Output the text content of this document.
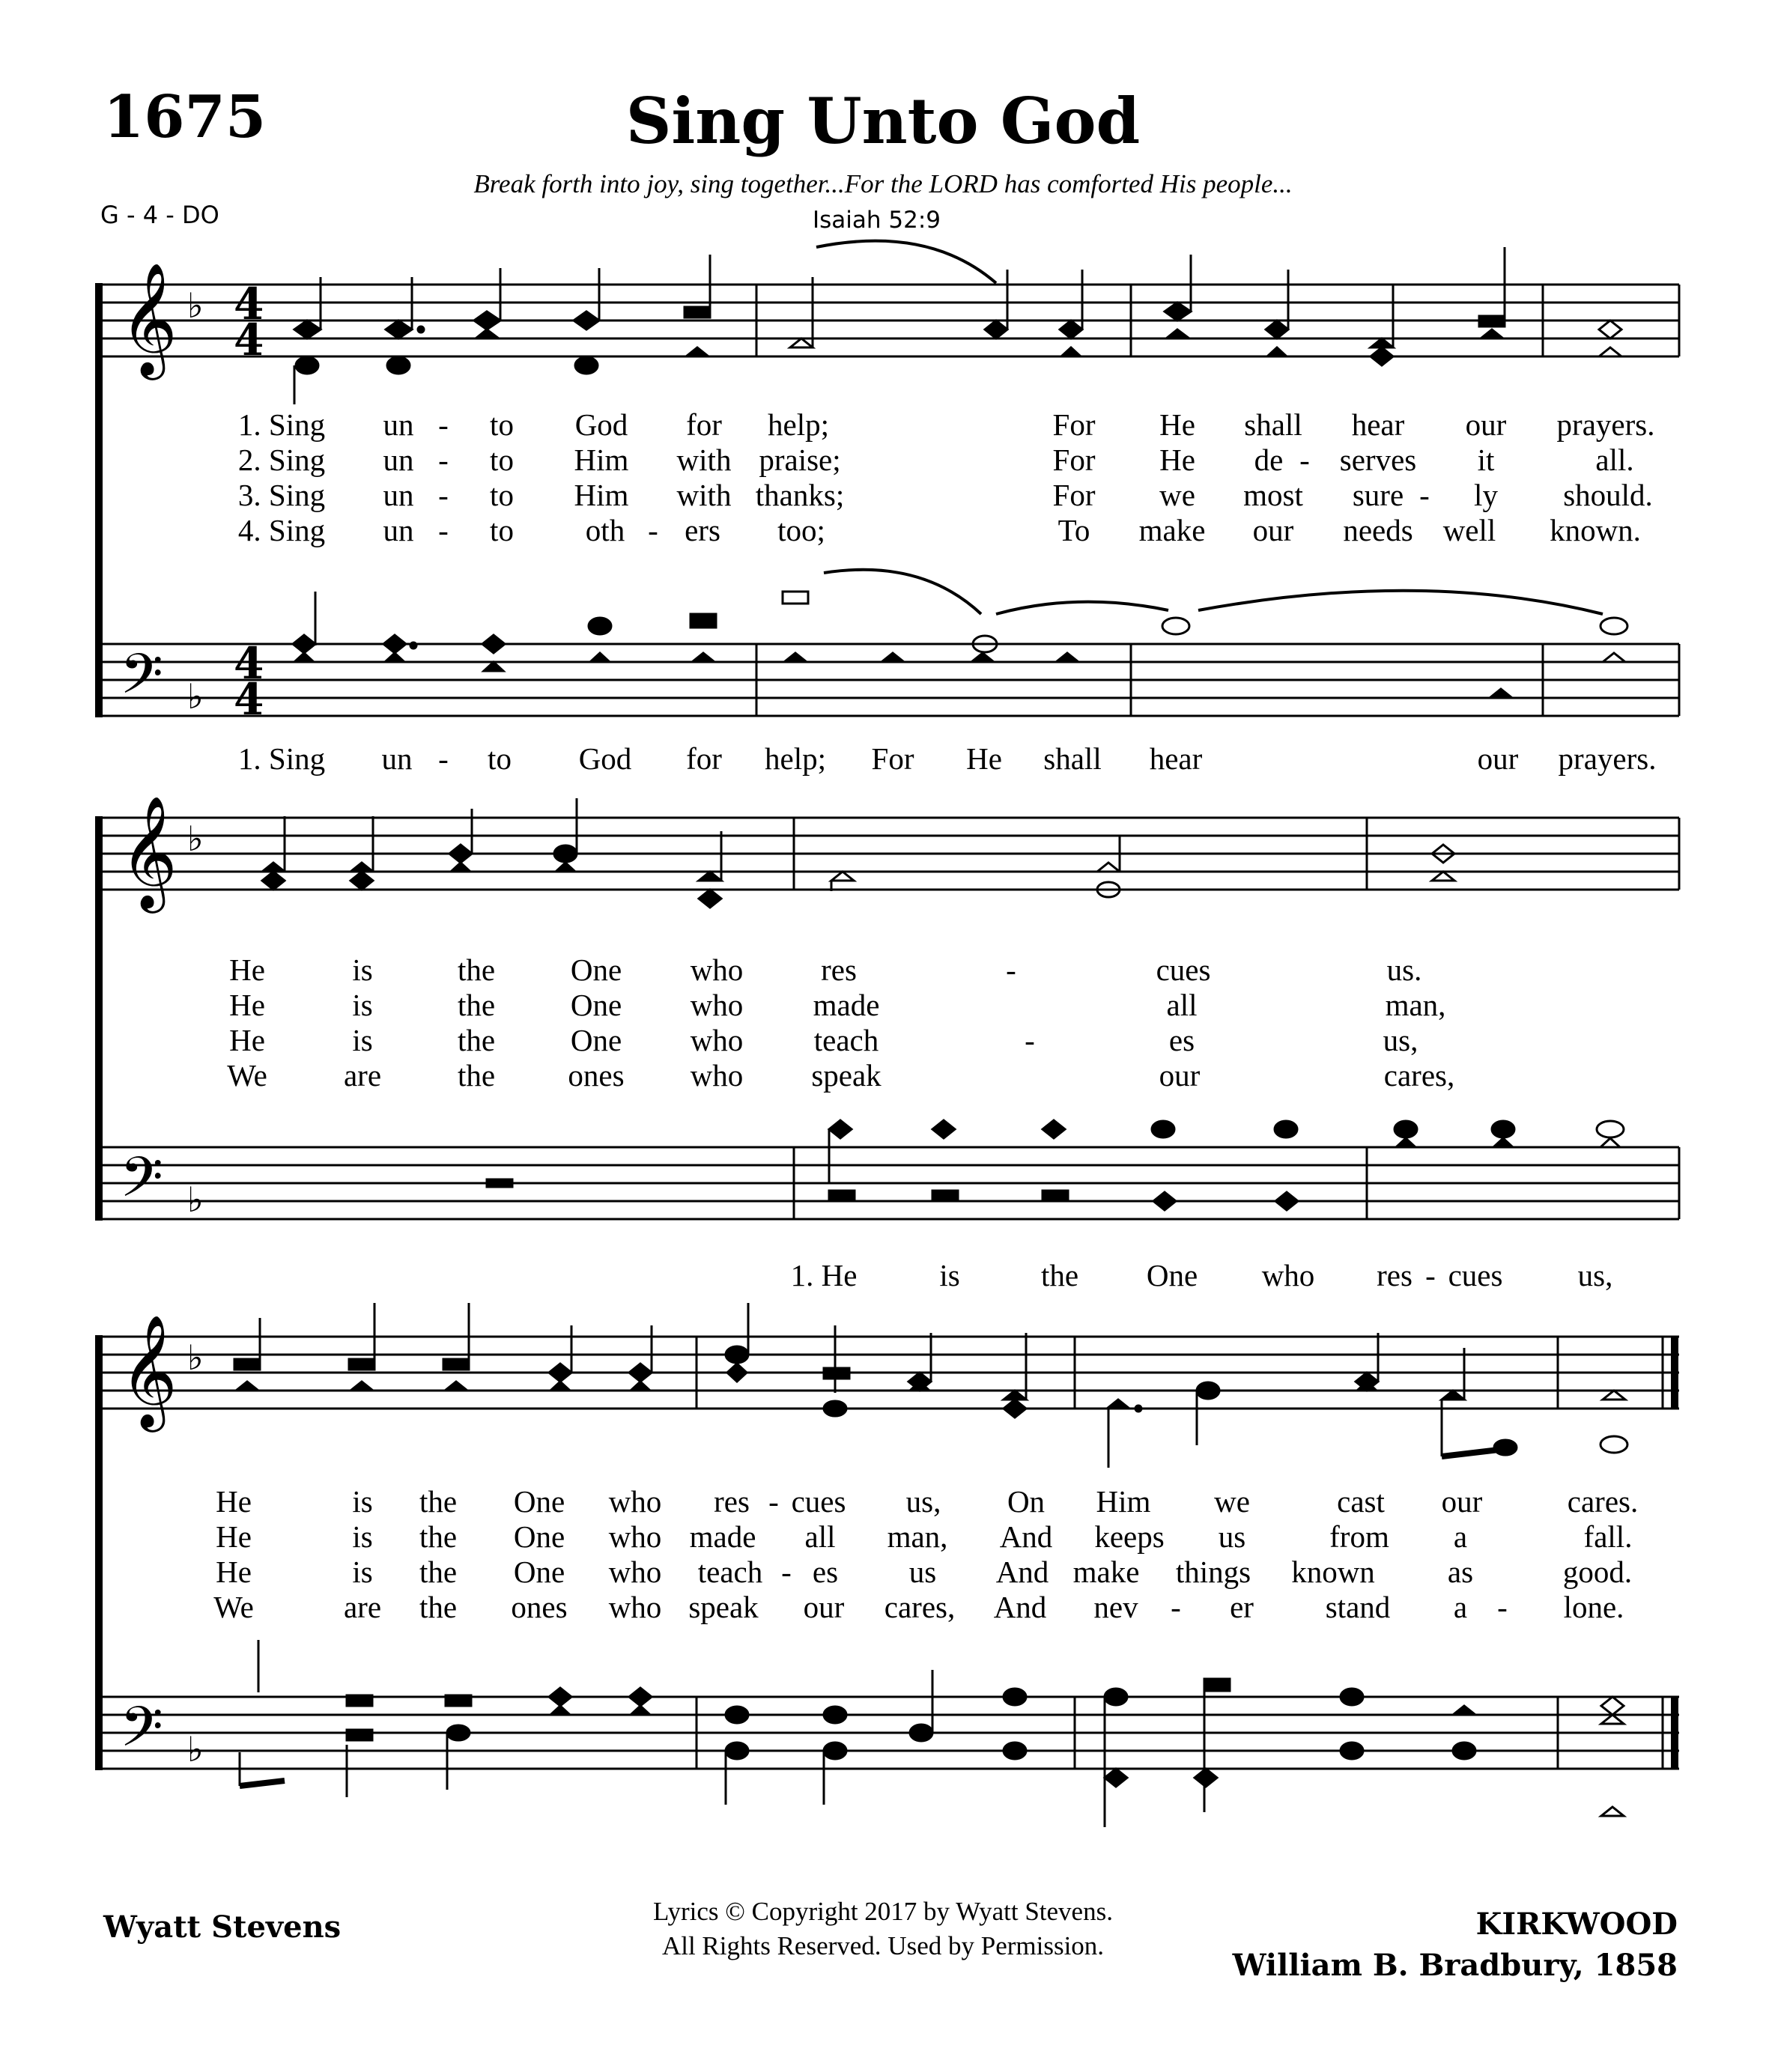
1675	Sing Unto God
Break forth into joy, sing together...For the LORD has comforted His people...
G - 4 - DO	Isaiah 52:9
𝄞 ♭ 4
4
𝄢 ♭
4
4
𝄞 ♭
𝄢 ♭
𝄞 ♭
𝄢 ♭
1. Sing un - to God for help;	For He shall hear our prayers.
2. Sing un - to Him with praise;	For He de - serves it	all.
3. Sing un - to Him with thanks;	For we most sure - ly should.
4. Sing un - to oth - ers too;	To make our needs well known.
1. Sing un - to God for help; For He shall hear	our prayers.
He	is	the One who	res	-	cues	us.
He	is	the One who made	all	man,
He	is	the One who teach	-	es	us,
We are the ones who speak	our	cares,
1. He	is	the One who res - cues us,
He	is the One who res - cues us, On Him we	cast our	cares.
He	is the One who made all man, And keeps us	from a	fall.
He	is the One who teach - es us And make things known as	good.
We	are the ones who speak our cares, And nev - er stand a - lone.
Wyatt Stevens	Lyrics © Copyright 2017 by Wyatt Stevens.
All Rights Reserved. Used by Permission.
KIRKWOOD
William B. Bradbury, 1858
